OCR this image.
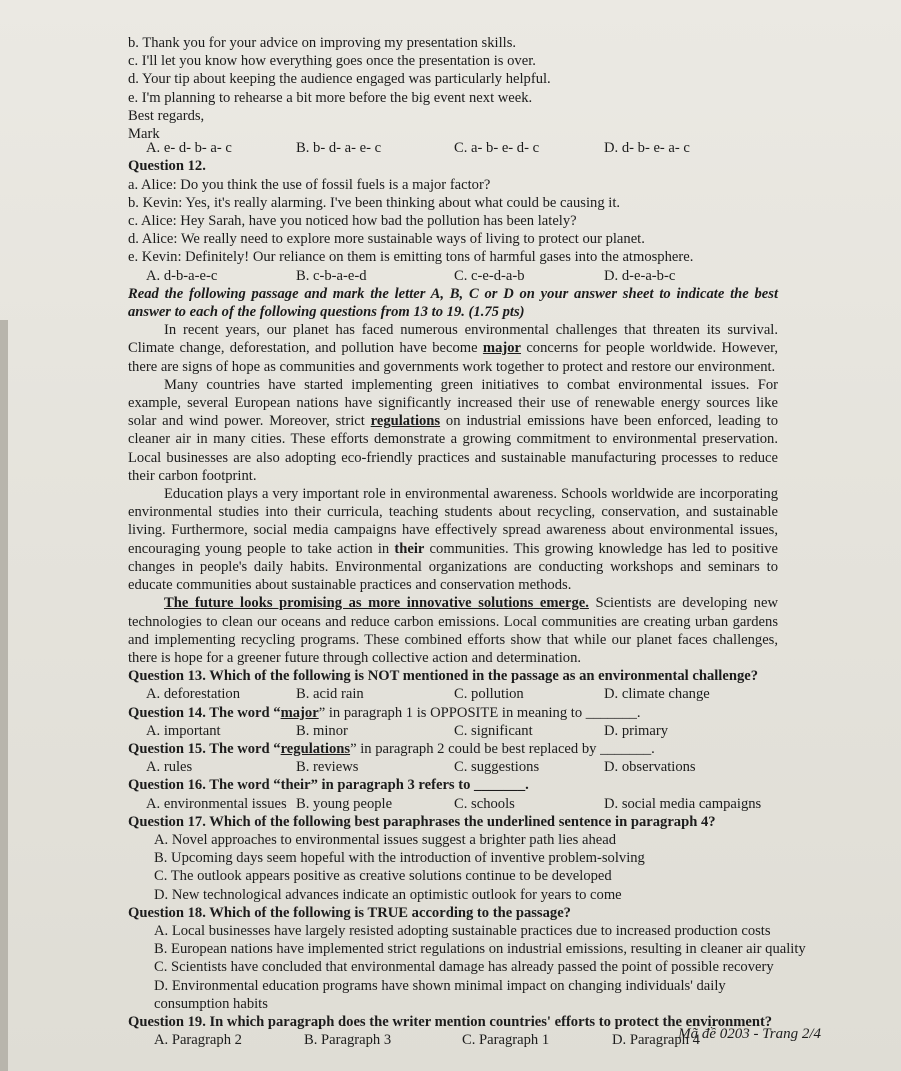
b. Thank you for your advice on improving my presentation skills.
c. I'll let you know how everything goes once the presentation is over.
d. Your tip about keeping the audience engaged was particularly helpful.
e. I'm planning to rehearse a bit more before the big event next week.
Best regards,
Mark
A. e- d- b- a- c	B. b- d- a- e- c	C. a- b- e- d- c	D. d- b- e- a- c
Question 12.
a. Alice: Do you think the use of fossil fuels is a major factor?
b. Kevin: Yes, it's really alarming. I've been thinking about what could be causing it.
c. Alice: Hey Sarah, have you noticed how bad the pollution has been lately?
d. Alice: We really need to explore more sustainable ways of living to protect our planet.
e. Kevin: Definitely! Our reliance on them is emitting tons of harmful gases into the atmosphere.
A. d-b-a-e-c	B. c-b-a-e-d	C. c-e-d-a-b	D. d-e-a-b-c
Read the following passage and mark the letter A, B, C or D on your answer sheet to indicate the best answer to each of the following questions from 13 to 19. (1.75 pts)
In recent years, our planet has faced numerous environmental challenges that threaten its survival. Climate change, deforestation, and pollution have become major concerns for people worldwide. However, there are signs of hope as communities and governments work together to protect and restore our environment.
Many countries have started implementing green initiatives to combat environmental issues. For example, several European nations have significantly increased their use of renewable energy sources like solar and wind power. Moreover, strict regulations on industrial emissions have been enforced, leading to cleaner air in many cities. These efforts demonstrate a growing commitment to environmental preservation. Local businesses are also adopting eco-friendly practices and sustainable manufacturing processes to reduce their carbon footprint.
Education plays a very important role in environmental awareness. Schools worldwide are incorporating environmental studies into their curricula, teaching students about recycling, conservation, and sustainable living. Furthermore, social media campaigns have effectively spread awareness about environmental issues, encouraging young people to take action in their communities. This growing knowledge has led to positive changes in people's daily habits. Environmental organizations are conducting workshops and seminars to educate communities about sustainable practices and conservation methods.
The future looks promising as more innovative solutions emerge. Scientists are developing new technologies to clean our oceans and reduce carbon emissions. Local communities are creating urban gardens and implementing recycling programs. These combined efforts show that while our planet faces challenges, there is hope for a greener future through collective action and determination.
Question 13. Which of the following is NOT mentioned in the passage as an environmental challenge?
A. deforestation	B. acid rain	C. pollution	D. climate change
Question 14. The word “major” in paragraph 1 is OPPOSITE in meaning to _______.
A. important	B. minor	C. significant	D. primary
Question 15. The word “regulations” in paragraph 2 could be best replaced by _______.
A. rules	B. reviews	C. suggestions	D. observations
Question 16. The word “their” in paragraph 3 refers to _______.
A. environmental issues B. young people	C. schools	D. social media campaigns
Question 17. Which of the following best paraphrases the underlined sentence in paragraph 4?
A. Novel approaches to environmental issues suggest a brighter path lies ahead
B. Upcoming days seem hopeful with the introduction of inventive problem-solving
C. The outlook appears positive as creative solutions continue to be developed
D. New technological advances indicate an optimistic outlook for years to come
Question 18. Which of the following is TRUE according to the passage?
A. Local businesses have largely resisted adopting sustainable practices due to increased production costs
B. European nations have implemented strict regulations on industrial emissions, resulting in cleaner air quality
C. Scientists have concluded that environmental damage has already passed the point of possible recovery
D. Environmental education programs have shown minimal impact on changing individuals' daily consumption habits
Question 19. In which paragraph does the writer mention countries' efforts to protect the environment?
A. Paragraph 2	B. Paragraph 3	C. Paragraph 1	D. Paragraph 4
Mã đề 0203 - Trang 2/4
